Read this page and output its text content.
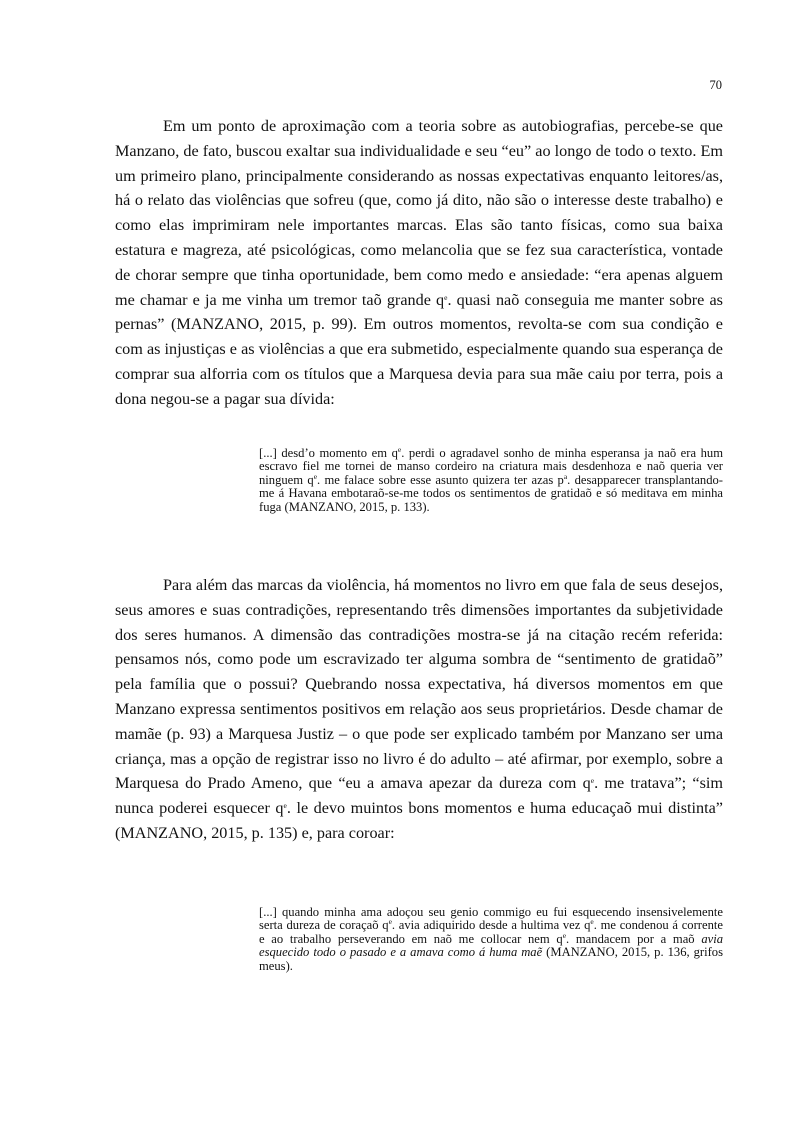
70

Em um ponto de aproximação com a teoria sobre as autobiografias, percebe-se que Manzano, de fato, buscou exaltar sua individualidade e seu “eu” ao longo de todo o texto. Em um primeiro plano, principalmente considerando as nossas expectativas enquanto leitores/as, há o relato das violências que sofreu (que, como já dito, não são o interesse deste trabalho) e como elas imprimiram nele importantes marcas. Elas são tanto físicas, como sua baixa estatura e magreza, até psicológicas, como melancolia que se fez sua característica, vontade de chorar sempre que tinha oportunidade, bem como medo e ansiedade: “era apenas alguem me chamar e ja me vinha um tremor taõ grande $q^e$. quasi naõ conseguia me manter sobre as pernas” (MANZANO, 2015, p. 99). Em outros momentos, revolta-se com sua condição e com as injustiças e as violências a que era submetido, especialmente quando sua esperança de comprar sua alforria com os títulos que a Marquesa devia para sua mãe caiu por terra, pois a dona negou-se a pagar sua dívida:

[...] desd’o momento em $q^e$. perdi o agradavel sonho de minha esperansa ja naõ era hum escravo fiel me tornei de manso cordeiro na criatura mais desdenhoza e naõ queria ver ninguem $q^e$. me falace sobre esse asunto quizera ter azas $p^a$. desapparecer transplantando-me á Havana embotaraõ-se-me todos os sentimentos de gratidaõ e só meditava em minha fuga (MANZANO, 2015, p. 133).

Para além das marcas da violência, há momentos no livro em que fala de seus desejos, seus amores e suas contradições, representando três dimensões importantes da subjetividade dos seres humanos. A dimensão das contradições mostra-se já na citação recém referida: pensamos nós, como pode um escravizado ter alguma sombra de “sentimento de gratidaõ” pela família que o possui? Quebrando nossa expectativa, há diversos momentos em que Manzano expressa sentimentos positivos em relação aos seus proprietários. Desde chamar de mamãe (p. 93) a Marquesa Justiz – o que pode ser explicado também por Manzano ser uma criança, mas a opção de registrar isso no livro é do adulto – até afirmar, por exemplo, sobre a Marquesa do Prado Ameno, que “eu a amava apezar da dureza com $q^e$. me tratava”; “sim nunca poderei esquecer $q^e$. le devo muintos bons momentos e huma educaçaõ mui distinta” (MANZANO, 2015, p. 135) e, para coroar:

[...] quando minha ama adoçou seu genio commigo eu fui esquecendo insensivelemente serta dureza de coraçaõ $q^e$. avia adiquirido desde a hultima vez $q^e$. me condenou á corrente e ao trabalho perseverando em naõ me collocar nem $q^e$. mandacem por a maõ avia esquecido todo o pasado e a amava como á huma maẽ (MANZANO, 2015, p. 136, grifos meus).
